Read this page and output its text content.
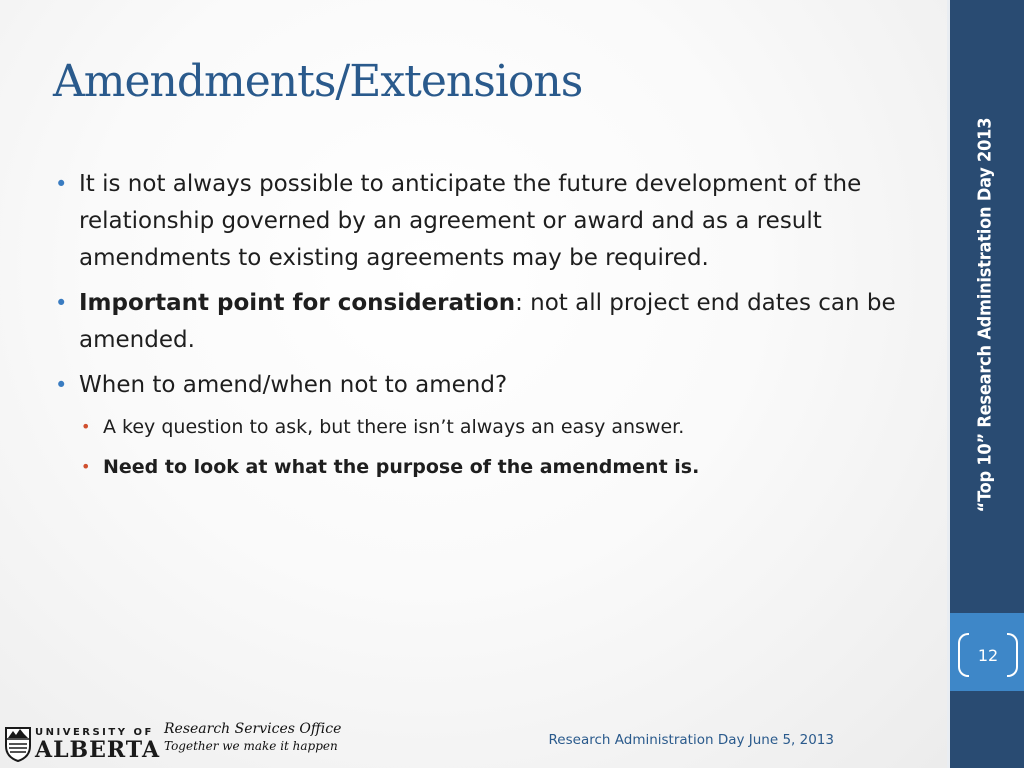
Amendments/Extensions
• It is not always possible to anticipate the future development of the relationship governed by an agreement or award and as a result amendments to existing agreements may be required.
• Important point for consideration: not all project end dates can be amended.
• When to amend/when not to amend?
• A key question to ask, but there isn’t always an easy answer.
• Need to look at what the purpose of the amendment is.
UNIVERSITY OF
ALBERTA
Research Services Office
Together we make it happen	Research Administration Day June 5, 2013
“Top 10” Research Administration Day 2013
12
